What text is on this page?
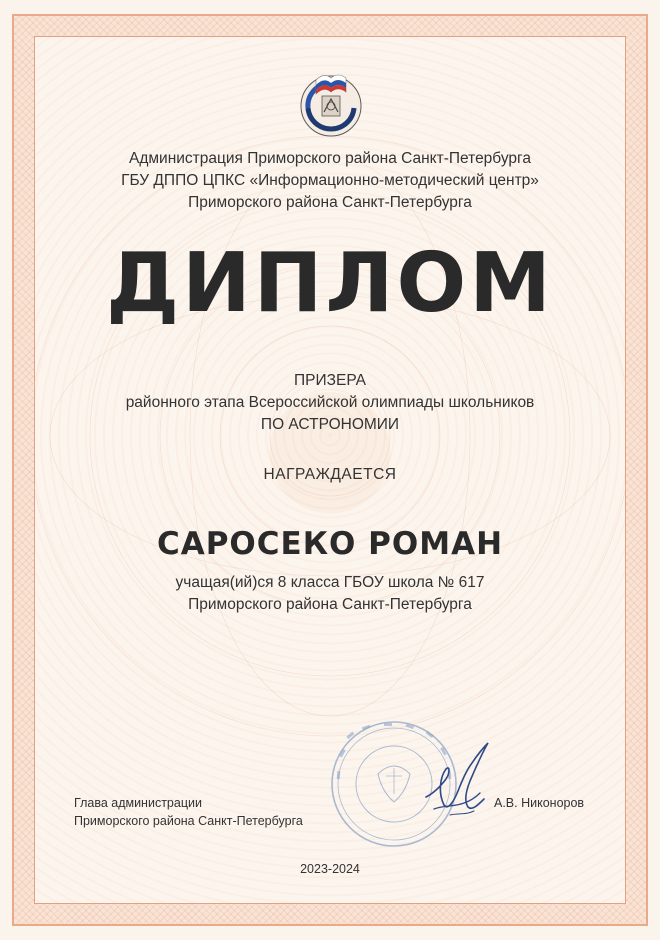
Администрация Приморского района Санкт-Петербурга
ГБУ ДППО ЦПКС «Информационно-методический центр»
Приморского района Санкт-Петербурга
ДИПЛОМ
ПРИЗЕРА
районного этапа Всероссийской олимпиады школьников
ПО АСТРОНОМИИ
НАГРАЖДАЕТСЯ
САРОСЕКО РОМАН
учащая(ий)ся 8 класса ГБОУ школа № 617
Приморского района Санкт-Петербурга
Глава администрации
Приморского района Санкт-Петербурга
А.В. Никоноров
2023-2024
